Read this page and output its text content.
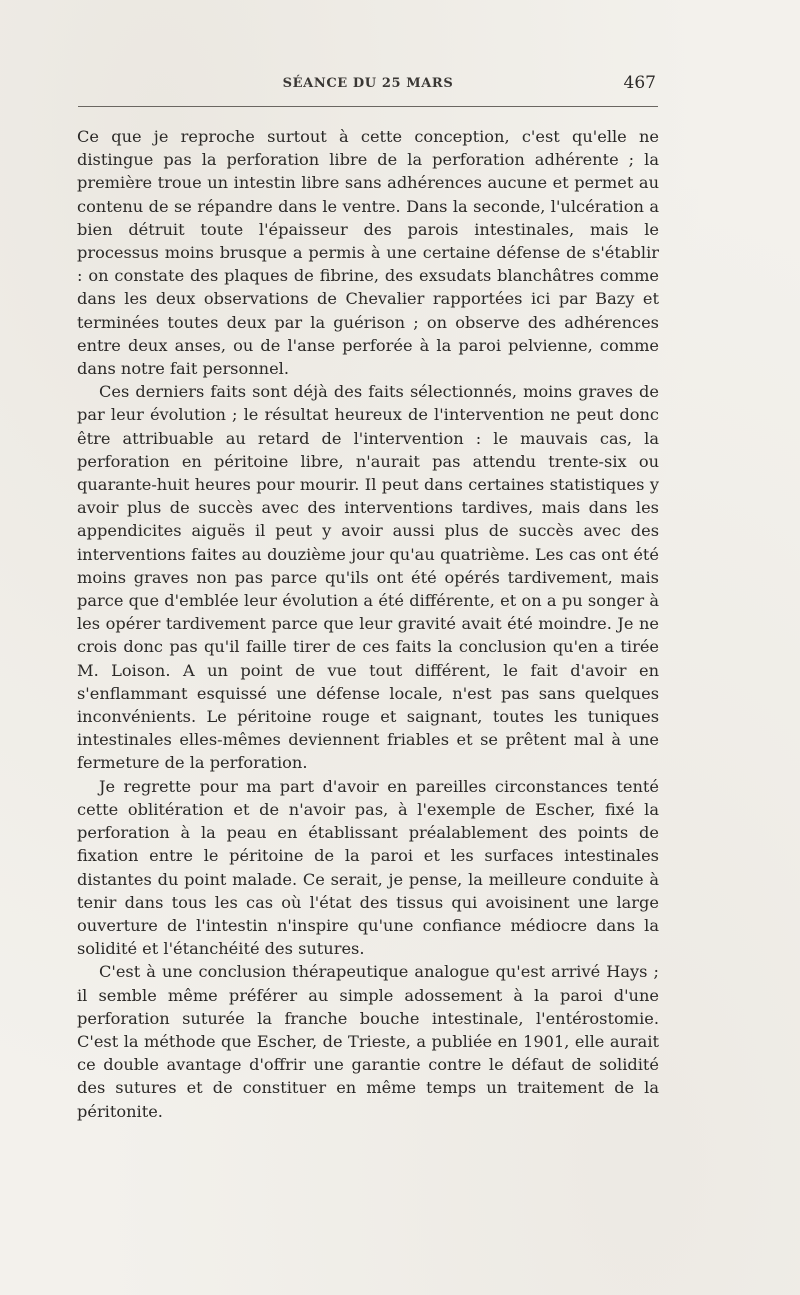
SÉANCE DU 25 MARS	467

Ce que je reproche surtout à cette conception, c'est qu'elle ne distingue pas la perforation libre de la perforation adhérente ; la première troue un intestin libre sans adhérences aucune et permet au contenu de se répandre dans le ventre. Dans la seconde, l'ulcération a bien détruit toute l'épaisseur des parois intestinales, mais le processus moins brusque a permis à une certaine défense de s'établir : on constate des plaques de fibrine, des exsudats blanchâtres comme dans les deux observations de Chevalier rapportées ici par Bazy et terminées toutes deux par la guérison ; on observe des adhérences entre deux anses, ou de l'anse perforée à la paroi pelvienne, comme dans notre fait personnel.

Ces derniers faits sont déjà des faits sélectionnés, moins graves de par leur évolution ; le résultat heureux de l'intervention ne peut donc être attribuable au retard de l'intervention : le mauvais cas, la perforation en péritoine libre, n'aurait pas attendu trente-six ou quarante-huit heures pour mourir. Il peut dans certaines statistiques y avoir plus de succès avec des interventions tardives, mais dans les appendicites aiguës il peut y avoir aussi plus de succès avec des interventions faites au douzième jour qu'au quatrième. Les cas ont été moins graves non pas parce qu'ils ont été opérés tardivement, mais parce que d'emblée leur évolution a été différente, et on a pu songer à les opérer tardivement parce que leur gravité avait été moindre. Je ne crois donc pas qu'il faille tirer de ces faits la conclusion qu'en a tirée M. Loison. A un point de vue tout différent, le fait d'avoir en s'enflammant esquissé une défense locale, n'est pas sans quelques inconvénients. Le péritoine rouge et saignant, toutes les tuniques intestinales elles-mêmes deviennent friables et se prêtent mal à une fermeture de la perforation.

Je regrette pour ma part d'avoir en pareilles circonstances tenté cette oblitération et de n'avoir pas, à l'exemple de Escher, fixé la perforation à la peau en établissant préalablement des points de fixation entre le péritoine de la paroi et les surfaces intestinales distantes du point malade. Ce serait, je pense, la meilleure conduite à tenir dans tous les cas où l'état des tissus qui avoisinent une large ouverture de l'intestin n'inspire qu'une confiance médiocre dans la solidité et l'étanchéité des sutures.

C'est à une conclusion thérapeutique analogue qu'est arrivé Hays ; il semble même préférer au simple adossement à la paroi d'une perforation suturée la franche bouche intestinale, l'entérostomie. C'est la méthode que Escher, de Trieste, a publiée en 1901, elle aurait ce double avantage d'offrir une garantie contre le défaut de solidité des sutures et de constituer en même temps un traitement de la péritonite.
